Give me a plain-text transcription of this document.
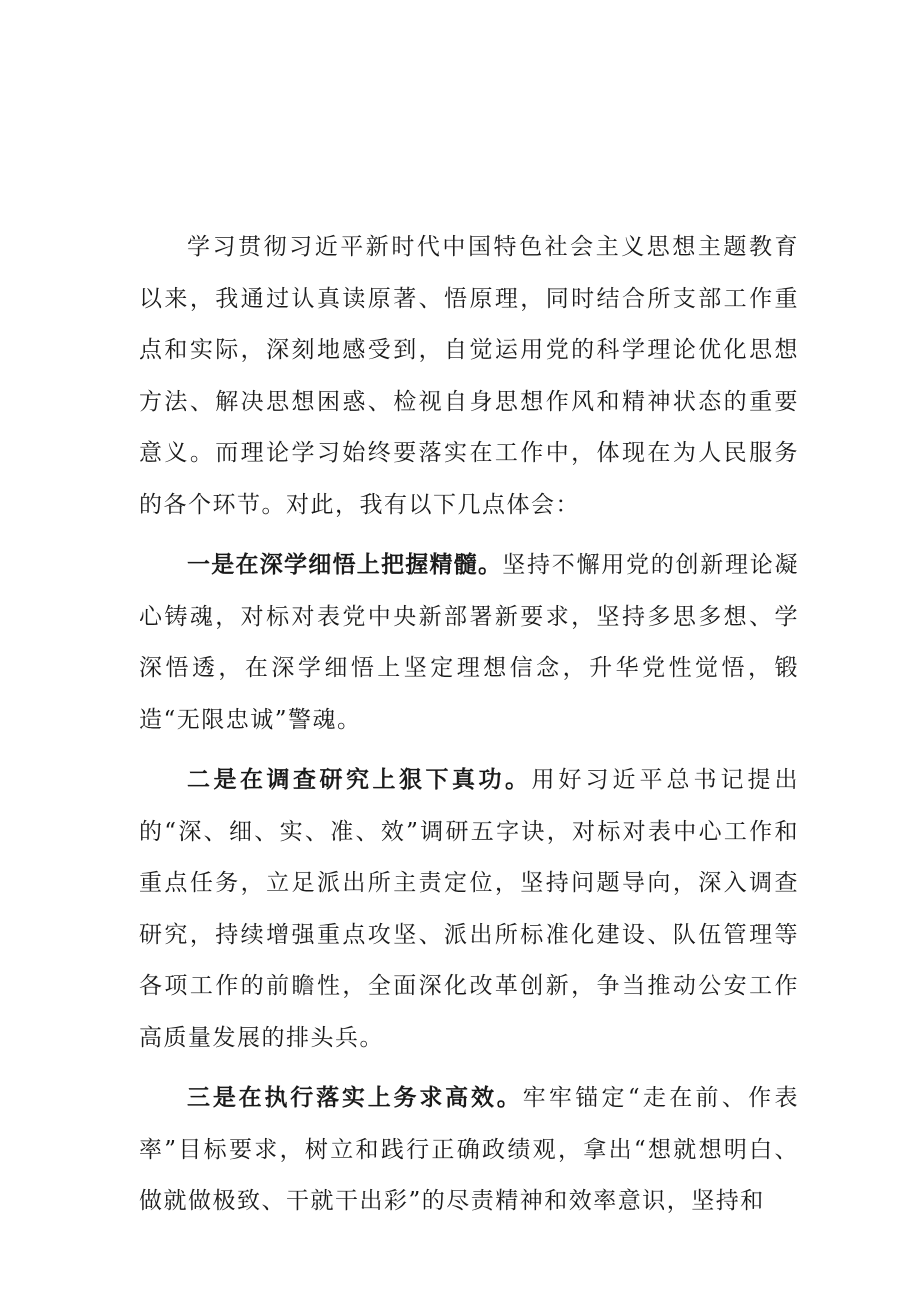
学习贯彻习近平新时代中国特色社会主义思想主题教育以来，我通过认真读原著、悟原理，同时结合所支部工作重点和实际，深刻地感受到，自觉运用党的科学理论优化思想方法、解决思想困惑、检视自身思想作风和精神状态的重要意义。而理论学习始终要落实在工作中，体现在为人民服务的各个环节。对此，我有以下几点体会：

一是在深学细悟上把握精髓。坚持不懈用党的创新理论凝心铸魂，对标对表党中央新部署新要求，坚持多思多想、学深悟透，在深学细悟上坚定理想信念，升华党性觉悟，锻造“无限忠诚”警魂。

二是在调查研究上狠下真功。用好习近平总书记提出的“深、细、实、准、效”调研五字诀，对标对表中心工作和重点任务，立足派出所主责定位，坚持问题导向，深入调查研究，持续增强重点攻坚、派出所标准化建设、队伍管理等各项工作的前瞻性，全面深化改革创新，争当推动公安工作高质量发展的排头兵。

三是在执行落实上务求高效。牢牢锚定“走在前、作表率”目标要求，树立和践行正确政绩观，拿出“想就想明白、做就做极致、干就干出彩”的尽责精神和效率意识，坚持和
